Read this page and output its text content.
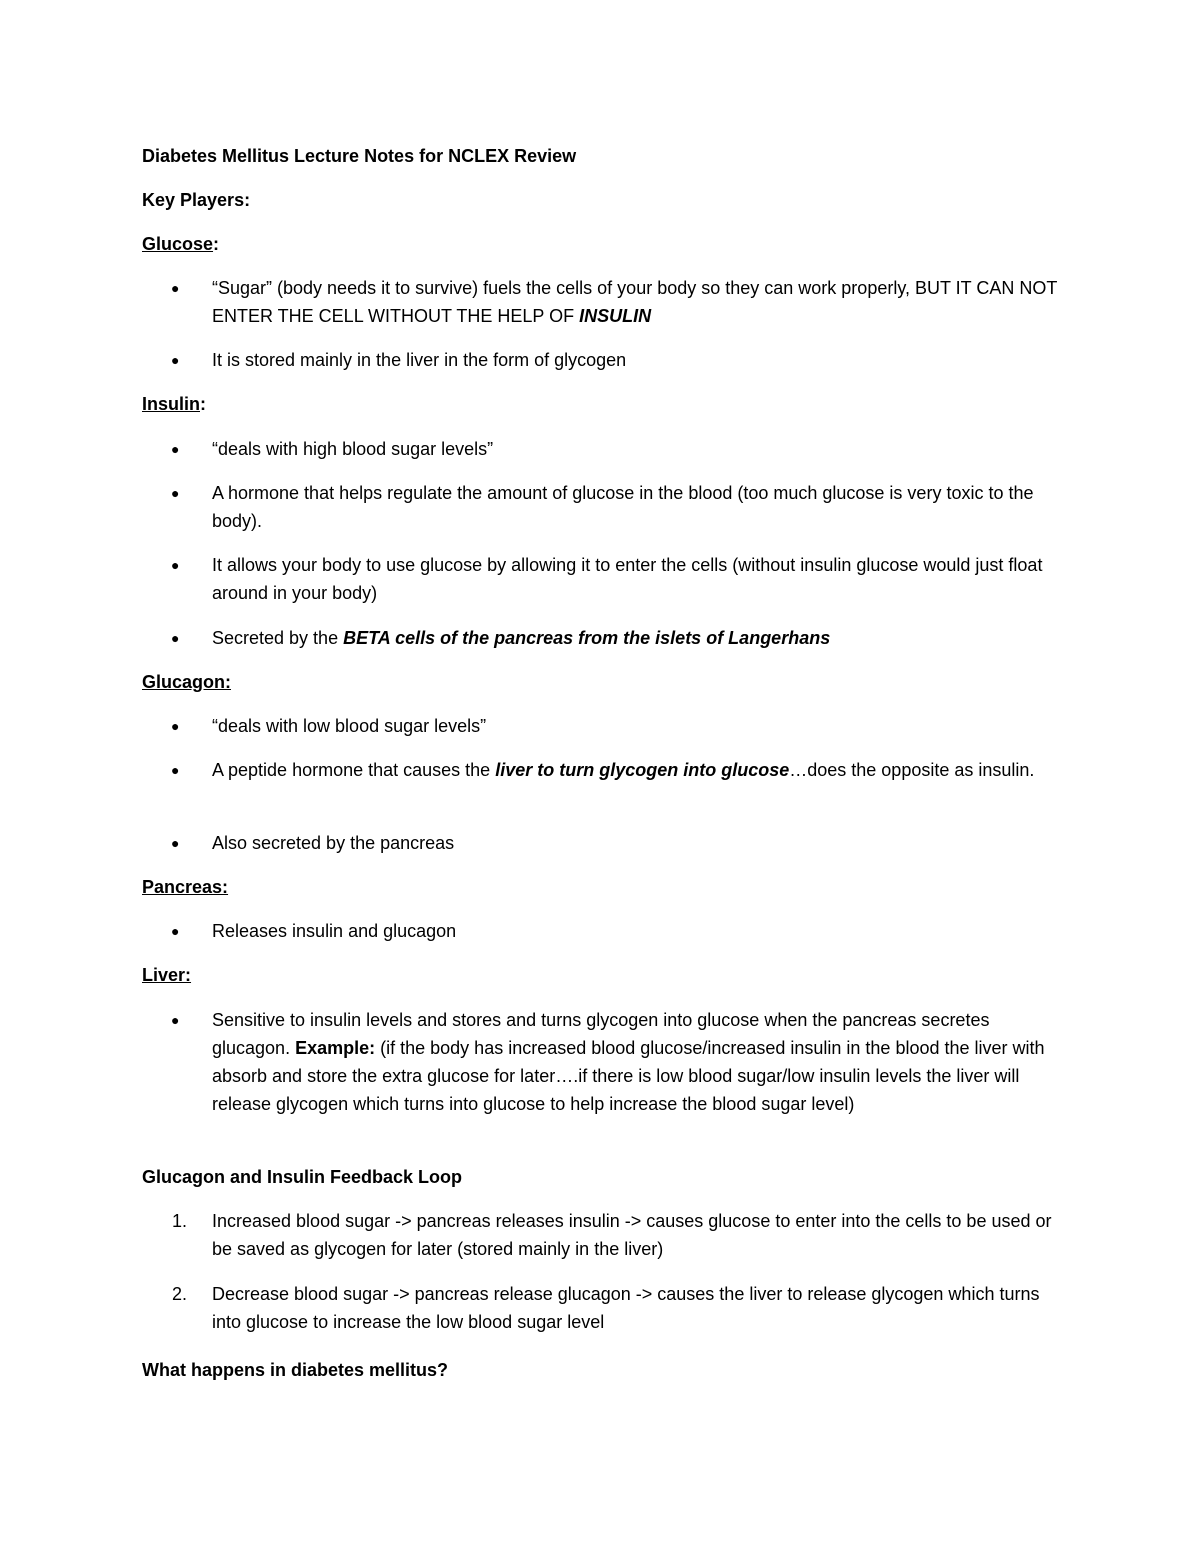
Diabetes Mellitus Lecture Notes for NCLEX Review
Key Players:
Glucose:
● “Sugar” (body needs it to survive) fuels the cells of your body so they can work properly, BUT IT CAN NOT ENTER THE CELL WITHOUT THE HELP OF INSULIN
● It is stored mainly in the liver in the form of glycogen
Insulin:
● “deals with high blood sugar levels”
● A hormone that helps regulate the amount of glucose in the blood (too much glucose is very toxic to the body).
● It allows your body to use glucose by allowing it to enter the cells (without insulin glucose would just float around in your body)
● Secreted by the BETA cells of the pancreas from the islets of Langerhans
Glucagon:
● “deals with low blood sugar levels”
● A peptide hormone that causes the liver to turn glycogen into glucose…does the opposite as insulin.
● Also secreted by the pancreas
Pancreas:
● Releases insulin and glucagon
Liver:
● Sensitive to insulin levels and stores and turns glycogen into glucose when the pancreas secretes glucagon. Example: (if the body has increased blood glucose/increased insulin in the blood the liver with absorb and store the extra glucose for later….if there is low blood sugar/low insulin levels the liver will release glycogen which turns into glucose to help increase the blood sugar level)
Glucagon and Insulin Feedback Loop
1. Increased blood sugar -> pancreas releases insulin -> causes glucose to enter into the cells to be used or be saved as glycogen for later (stored mainly in the liver)
2. Decrease blood sugar -> pancreas release glucagon -> causes the liver to release glycogen which turns into glucose to increase the low blood sugar level
What happens in diabetes mellitus?
